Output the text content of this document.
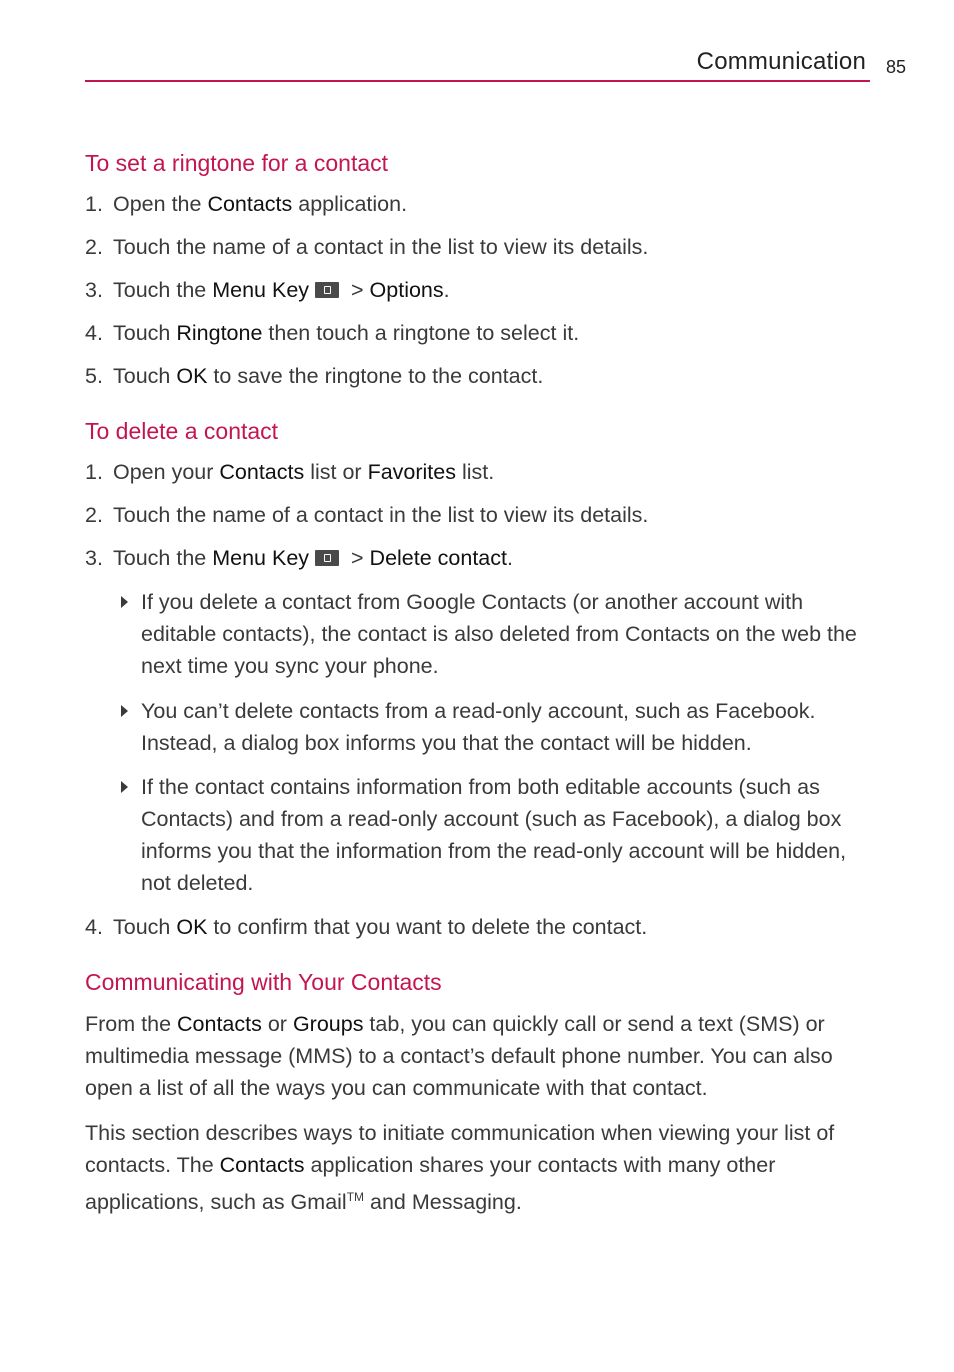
Communication 85
To set a ringtone for a contact
1. Open the Contacts application.
2. Touch the name of a contact in the list to view its details.
3. Touch the Menu Key > Options.
4. Touch Ringtone then touch a ringtone to select it.
5. Touch OK to save the ringtone to the contact.
To delete a contact
1. Open your Contacts list or Favorites list.
2. Touch the name of a contact in the list to view its details.
3. Touch the Menu Key > Delete contact.
If you delete a contact from Google Contacts (or another account with editable contacts), the contact is also deleted from Contacts on the web the next time you sync your phone.
You can’t delete contacts from a read-only account, such as Facebook. Instead, a dialog box informs you that the contact will be hidden.
If the contact contains information from both editable accounts (such as Contacts) and from a read-only account (such as Facebook), a dialog box informs you that the information from the read-only account will be hidden, not deleted.
4. Touch OK to confirm that you want to delete the contact.
Communicating with Your Contacts
From the Contacts or Groups tab, you can quickly call or send a text (SMS) or multimedia message (MMS) to a contact’s default phone number. You can also open a list of all the ways you can communicate with that contact.
This section describes ways to initiate communication when viewing your list of contacts. The Contacts application shares your contacts with many other applications, such as Gmail™ and Messaging.
